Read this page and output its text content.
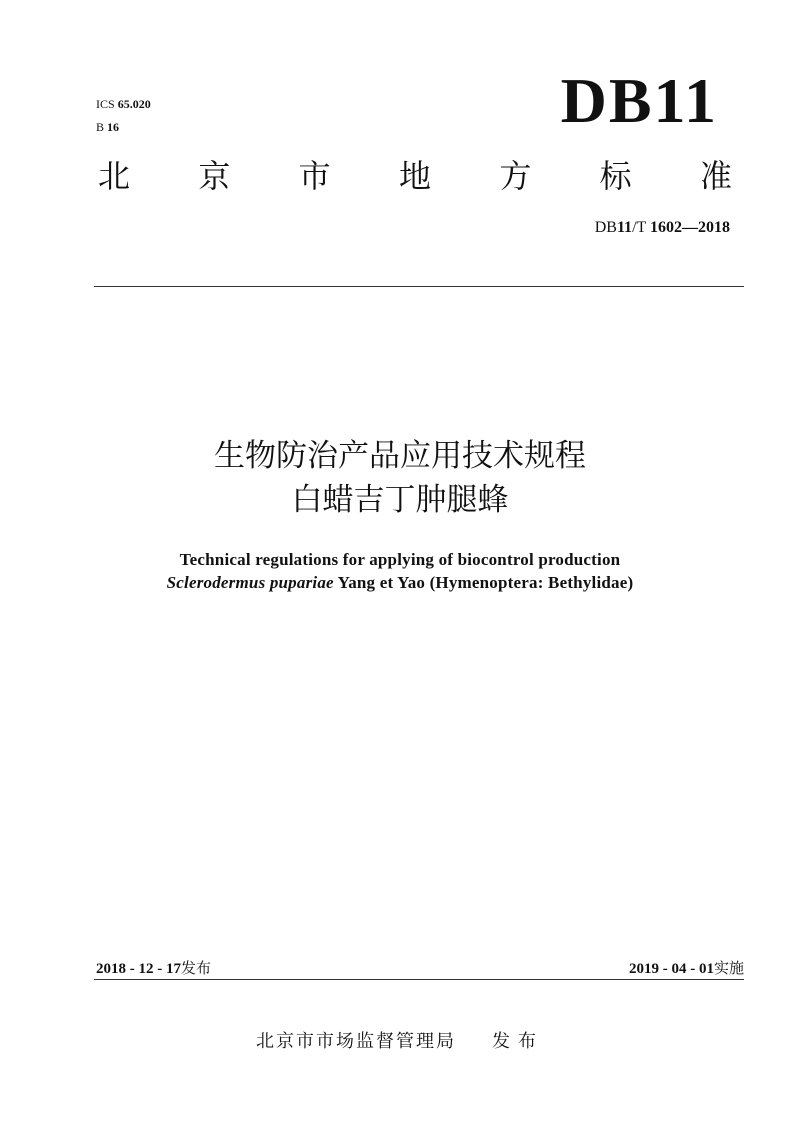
ICS 65.020
B 16	DB11
北 京 市 地 方 标 准
DB11/T 1602—2018
生物防治产品应用技术规程
白蜡吉丁肿腿蜂
Technical regulations for applying of biocontrol production
Sclerodermus pupariae Yang et Yao (Hymenoptera: Bethylidae)
2018 - 12 - 17发布	2019 - 04 - 01实施
北京市市场监督管理局 发布
